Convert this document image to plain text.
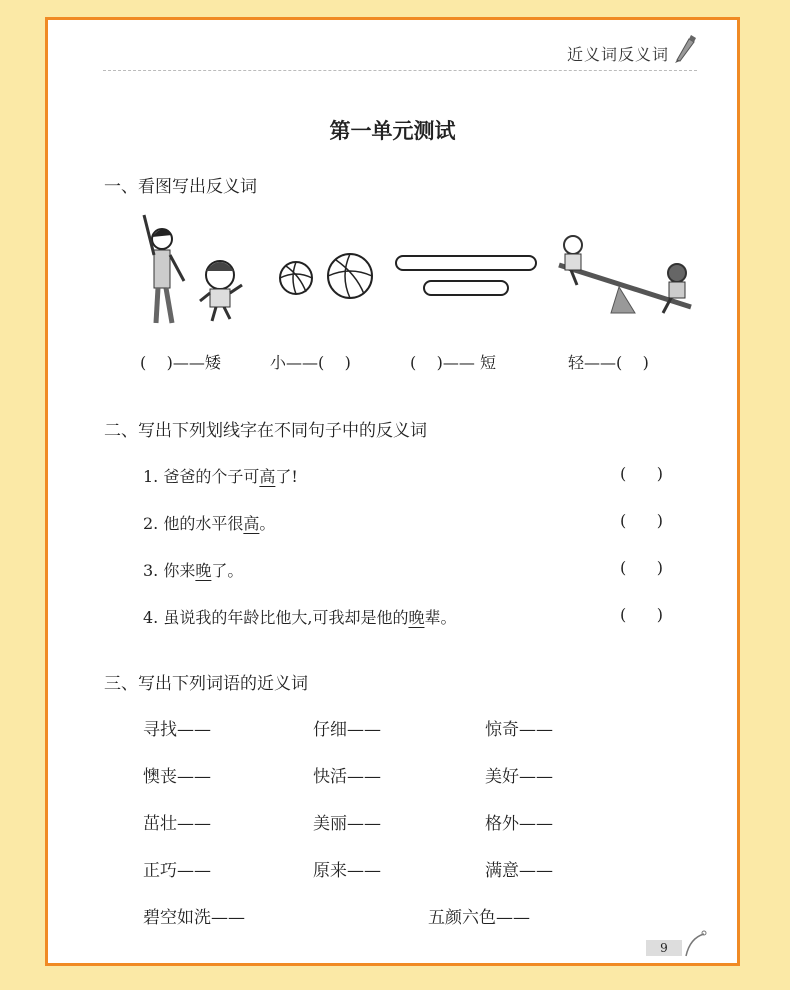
近义词反义词
第一单元测试
一、看图写出反义词
( )——矮	小——( )	( )—— 短	轻——( )
二、写出下列划线字在不同句子中的反义词
1. 爸爸的个子可高了!	( )
2. 他的水平很高。	( )
3. 你来晚了。	( )
4. 虽说我的年龄比他大,可我却是他的晚辈。	( )
三、写出下列词语的近义词
寻找——	仔细——	惊奇——
懊丧——	快活——	美好——
茁壮——	美丽——	格外——
正巧——	原来——	满意——
碧空如洗——	五颜六色——
9
